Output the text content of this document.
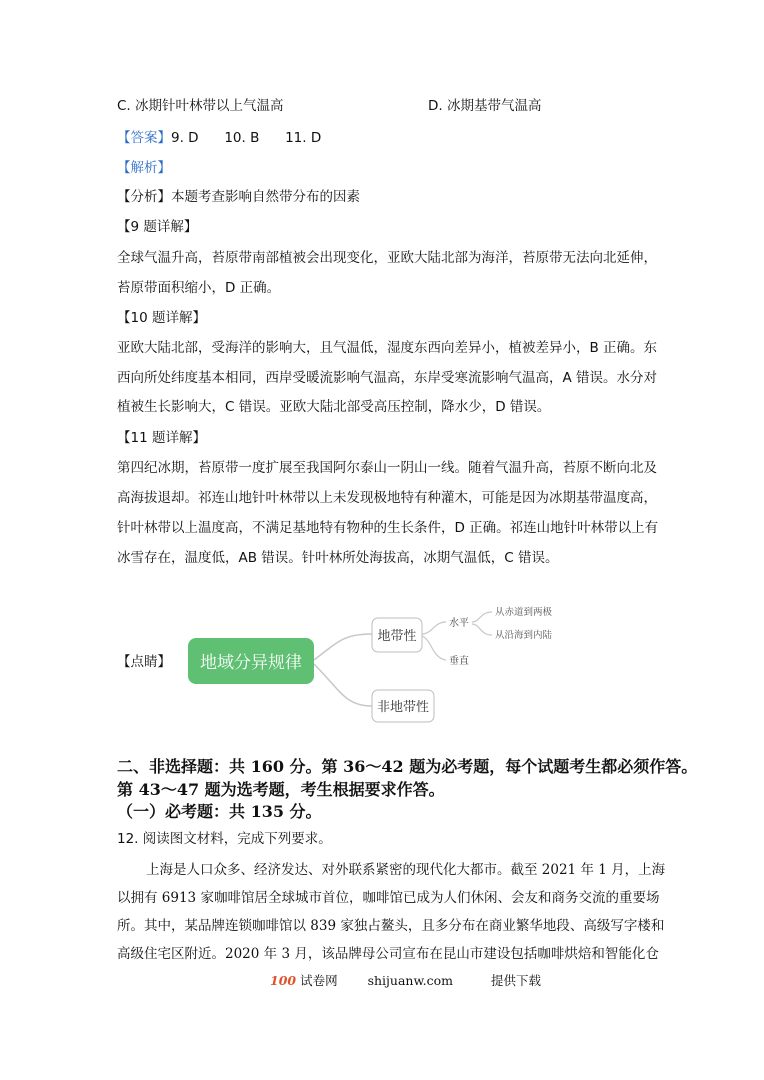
C. 冰期针叶林带以上气温高	D. 冰期基带气温高
【答案】9. D      10. B      11. D
【解析】
【分析】本题考查影响自然带分布的因素
【9 题详解】
全球气温升高，苔原带南部植被会出现变化，亚欧大陆北部为海洋，苔原带无法向北延伸，
苔原带面积缩小，D 正确。
【10 题详解】
亚欧大陆北部，受海洋的影响大，且气温低，湿度东西向差异小，植被差异小，B 正确。东
西向所处纬度基本相同，西岸受暖流影响气温高，东岸受寒流影响气温高，A 错误。水分对
植被生长影响大，C 错误。亚欧大陆北部受高压控制，降水少，D 错误。
【11 题详解】
第四纪冰期，苔原带一度扩展至我国阿尔泰山一阴山一线。随着气温升高，苔原不断向北及
高海拔退却。祁连山地针叶林带以上未发现极地特有种灌木，可能是因为冰期基带温度高，
针叶林带以上温度高，不满足基地特有物种的生长条件，D 正确。祁连山地针叶林带以上有
冰雪存在，温度低，AB 错误。针叶林所处海拔高，冰期气温低，C 错误。
【点睛】 地域分异规律
地带性
非地带性
水平
垂直
从赤道到两极
从沿海到内陆
二、非选择题：共 160 分。第 36～42 题为必考题，每个试题考生都必须作答。
第 43～47 题为选考题，考生根据要求作答。
（一）必考题：共 135 分。
12. 阅读图文材料，完成下列要求。
上海是人口众多、经济发达、对外联系紧密的现代化大都市。截至 2021 年 1 月，上海
以拥有 6913 家咖啡馆居全球城市首位，咖啡馆已成为人们休闲、会友和商务交流的重要场
所。其中，某品牌连锁咖啡馆以 839 家独占鳌头，且多分布在商业繁华地段、高级写字楼和
高级住宅区附近。2020 年 3 月，该品牌母公司宣布在昆山市建设包括咖啡烘焙和智能化仓
100 试卷网 shijuanw.com	提供下载
